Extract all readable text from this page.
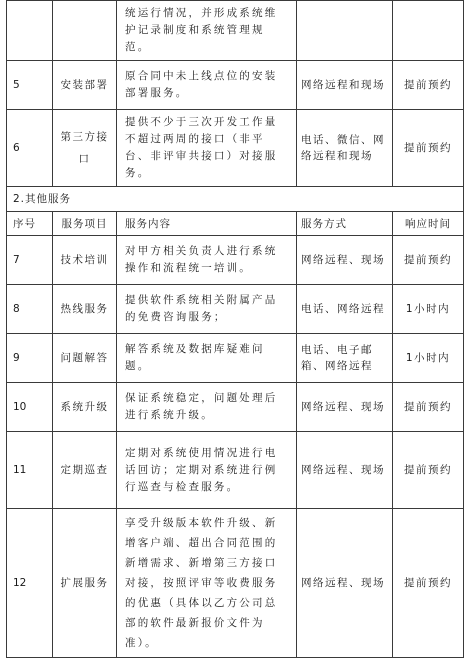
		统运行情况，并形成系统维护记录制度和系统管理规范。		
5	安装部署	原合同中未上线点位的安装部署服务。	网络远程和现场	提前预约
6	第三方接口	提供不少于三次开发工作量不超过两周的接口（非平台、非评审共接口）对接服务。	电话、微信、网络远程和现场	提前预约
2.其他服务				
序号	服务项目	服务内容	服务方式	响应时间
7	技术培训	对甲方相关负责人进行系统操作和流程统一培训。	网络远程、现场	提前预约
8	热线服务	提供软件系统相关附属产品的免费咨询服务；	电话、网络远程	1小时内
9	问题解答	解答系统及数据库疑难问题。	电话、电子邮箱、网络远程	1小时内
10	系统升级	保证系统稳定，问题处理后进行系统升级。	网络远程、现场	提前预约
11	定期巡查	定期对系统使用情况进行电话回访；定期对系统进行例行巡查与检查服务。	网络远程、现场	提前预约
12	扩展服务	享受升级版本软件升级、新增客户端、超出合同范围的新增需求、新增第三方接口对接，按照评审等收费服务的优惠（具体以乙方公司总部的软件最新报价文件为准）。	网络远程、现场	提前预约
